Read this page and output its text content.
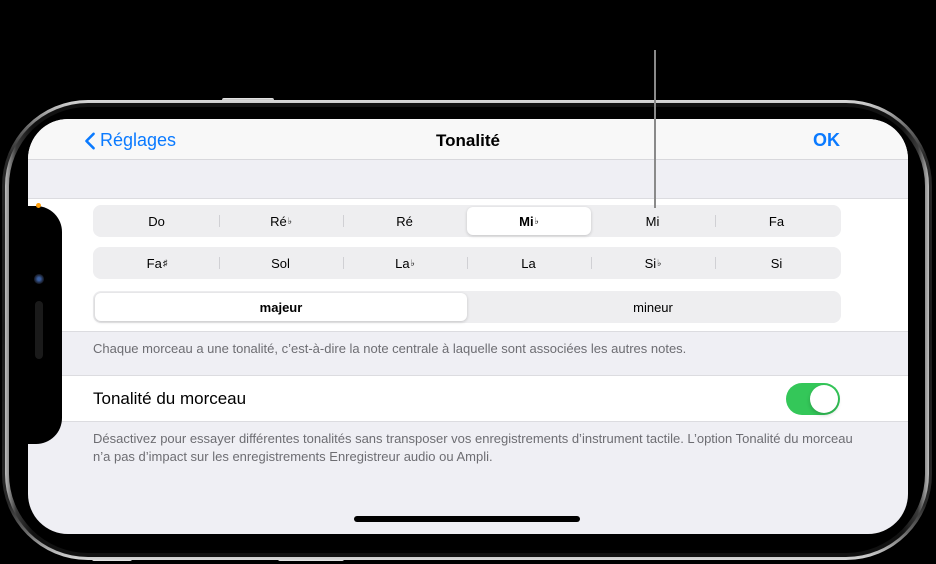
Réglages	Tonalité	OK
Do	Ré ♭	Ré	Mi ♭	Mi	Fa
Fa ♯	Sol	La ♭	La	Si ♭	Si
majeur	mineur
Chaque morceau a une tonalité, c’est-à-dire la note centrale à laquelle sont associées les autres notes.
Tonalité du morceau
Désactivez pour essayer différentes tonalités sans transposer vos enregistrements d’instrument tactile. L’option Tonalité du morceau n’a pas d’impact sur les enregistrements Enregistreur audio ou Ampli.
